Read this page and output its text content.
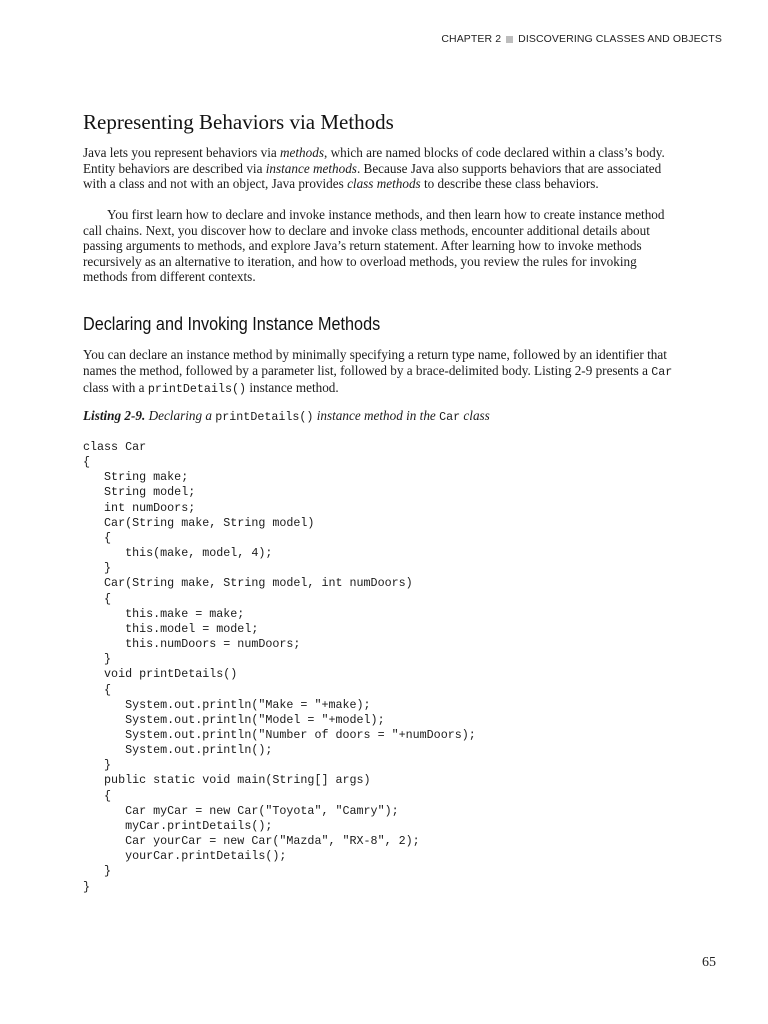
CHAPTER 2 DISCOVERING CLASSES AND OBJECTS
Representing Behaviors via Methods

Java lets you represent behaviors via methods, which are named blocks of code declared within a class’s body. Entity behaviors are described via instance methods. Because Java also supports behaviors that are associated with a class and not with an object, Java provides class methods to describe these class behaviors.

You first learn how to declare and invoke instance methods, and then learn how to create instance method call chains. Next, you discover how to declare and invoke class methods, encounter additional details about passing arguments to methods, and explore Java’s return statement. After learning how to invoke methods recursively as an alternative to iteration, and how to overload methods, you review the rules for invoking methods from different contexts.

Declaring and Invoking Instance Methods

You can declare an instance method by minimally specifying a return type name, followed by an identifier that names the method, followed by a parameter list, followed by a brace-delimited body. Listing 2-9 presents a Car class with a printDetails() instance method.

Listing 2-9. Declaring a printDetails() instance method in the Car class

class Car
{
String make;
String model;
int numDoors;
Car(String make, String model)
{
this(make, model, 4);
}
Car(String make, String model, int numDoors)
{
this.make = make;
this.model = model;
this.numDoors = numDoors;
}
void printDetails()
{
System.out.println("Make = "+make);
System.out.println("Model = "+model);
System.out.println("Number of doors = "+numDoors);
System.out.println();
}
public static void main(String[] args)
{
Car myCar = new Car("Toyota", "Camry");
myCar.printDetails();
Car yourCar = new Car("Mazda", "RX-8", 2);
yourCar.printDetails();
}
}
65
